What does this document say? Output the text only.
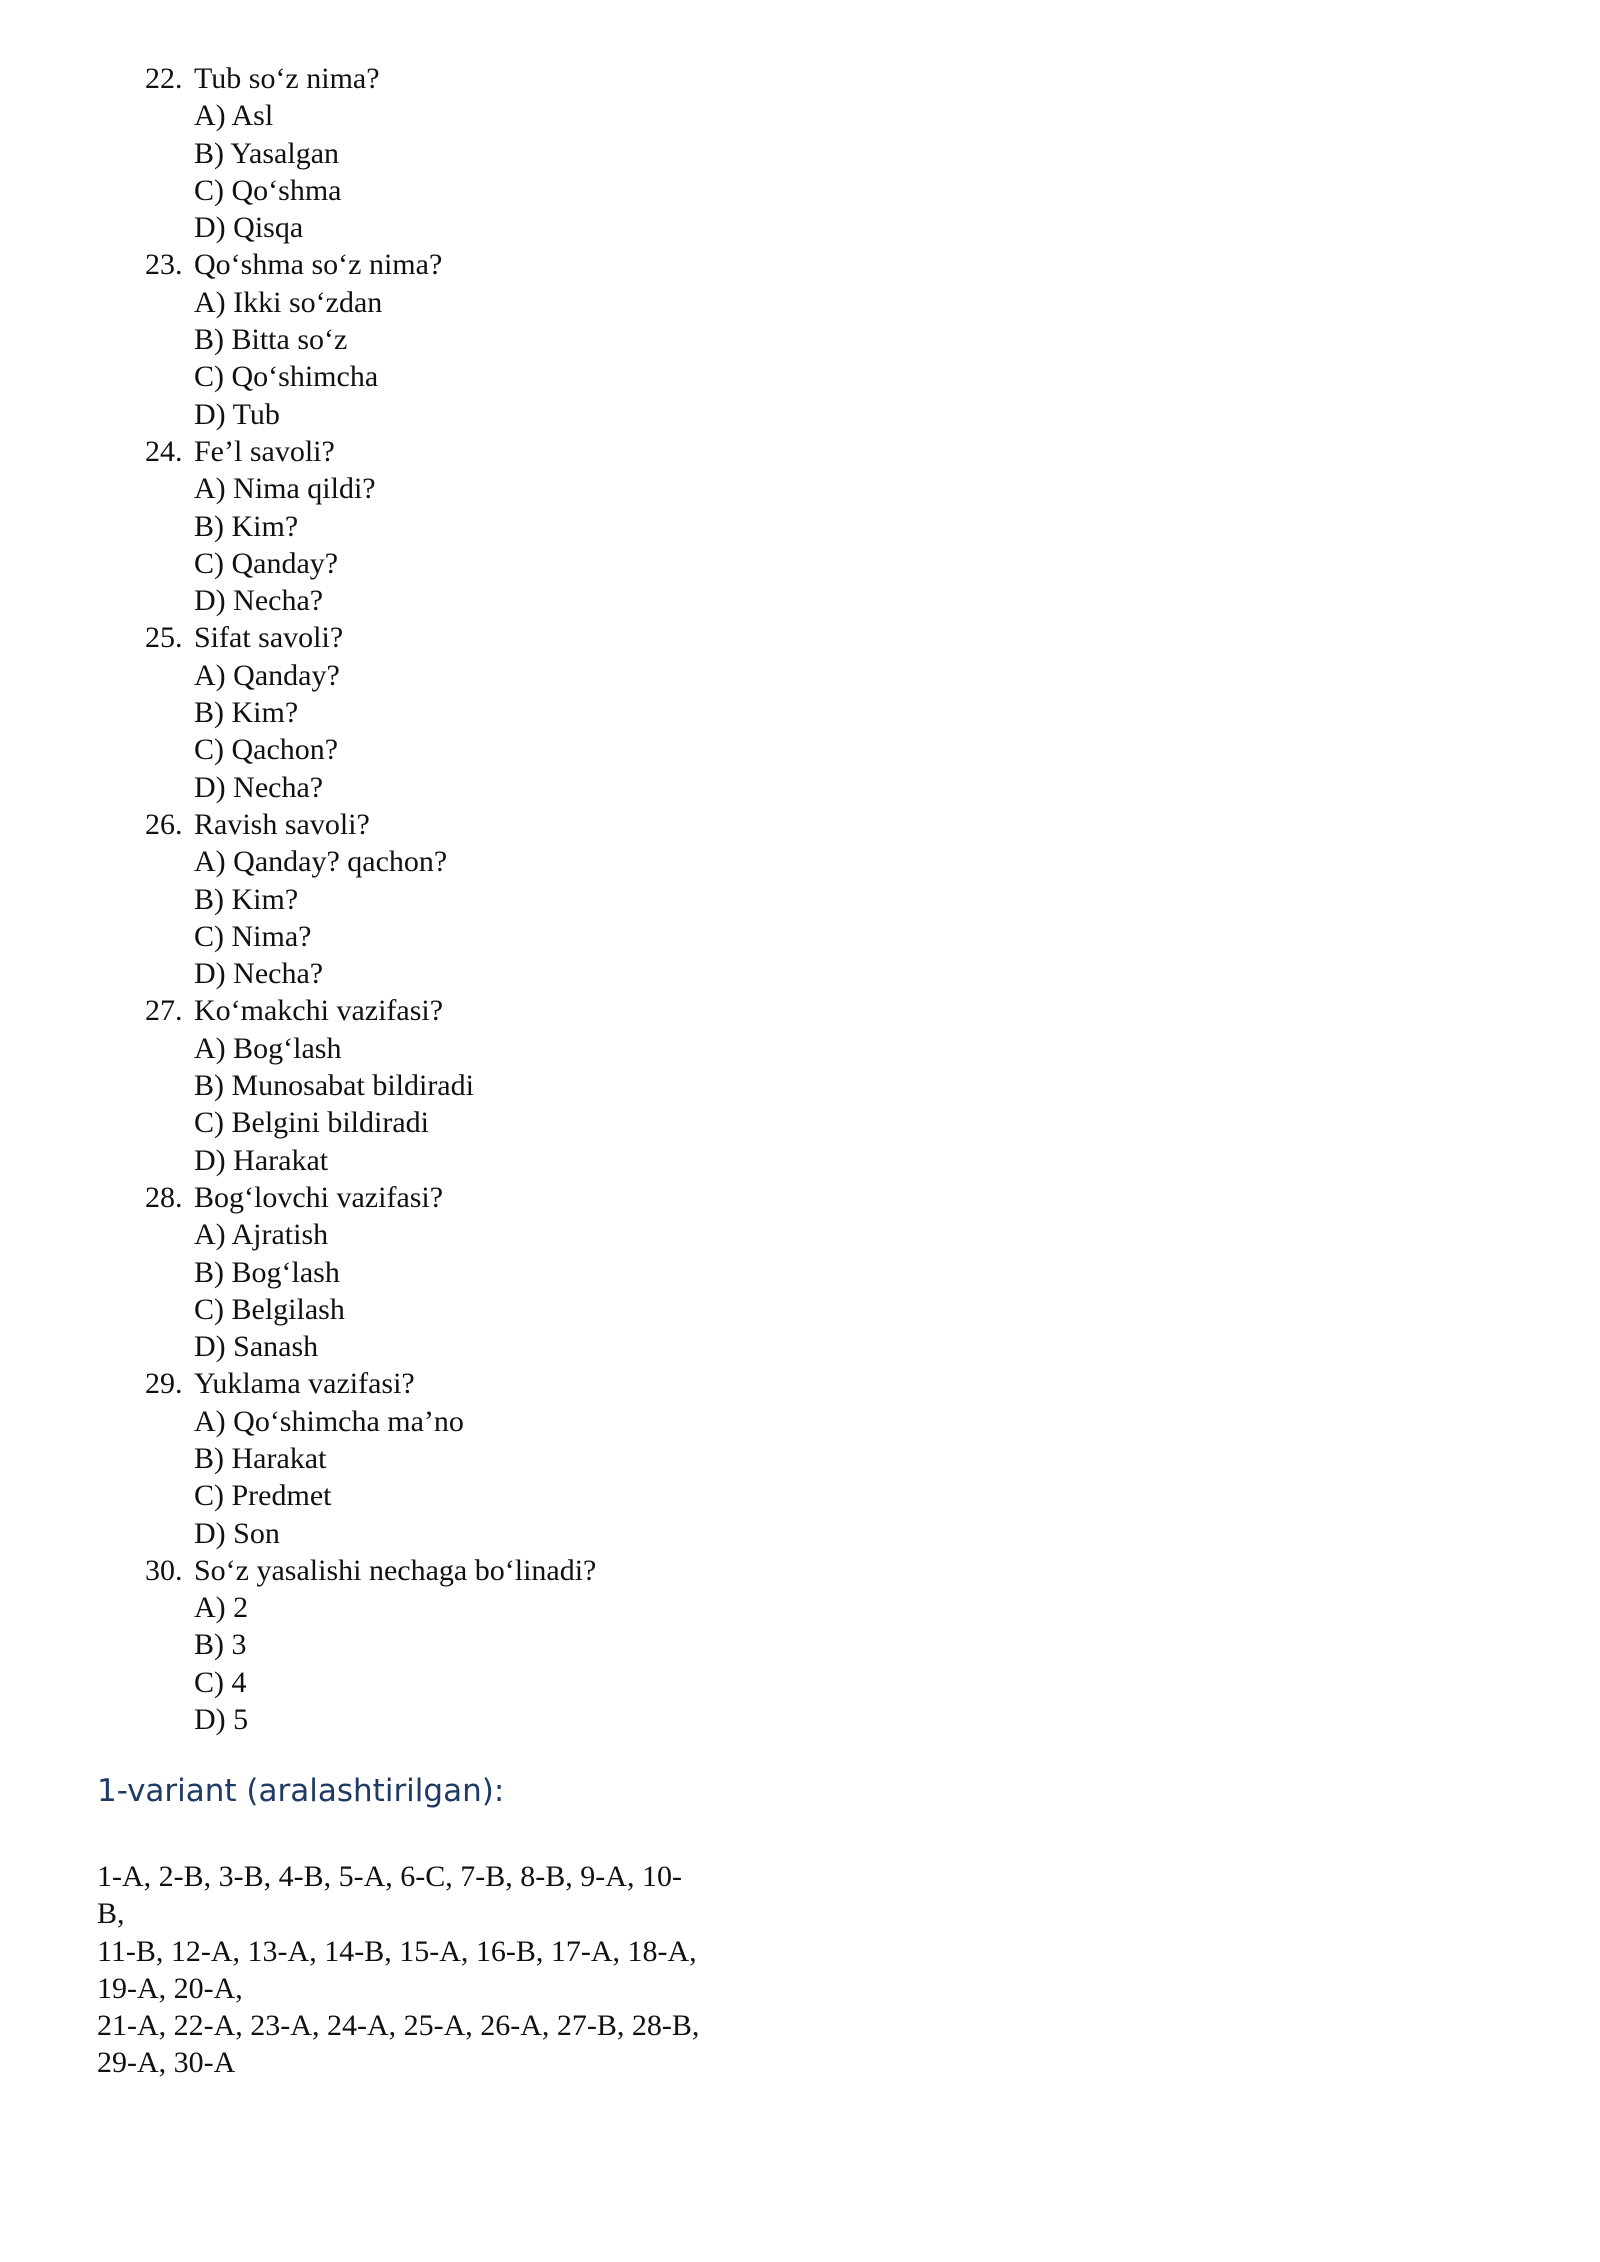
22. Tub so‘z nima?
A) Asl
B) Yasalgan
C) Qo‘shma
D) Qisqa
23. Qo‘shma so‘z nima?
A) Ikki so‘zdan
B) Bitta so‘z
C) Qo‘shimcha
D) Tub
24. Fe’l savoli?
A) Nima qildi?
B) Kim?
C) Qanday?
D) Necha?
25. Sifat savoli?
A) Qanday?
B) Kim?
C) Qachon?
D) Necha?
26. Ravish savoli?
A) Qanday? qachon?
B) Kim?
C) Nima?
D) Necha?
27. Ko‘makchi vazifasi?
A) Bog‘lash
B) Munosabat bildiradi
C) Belgini bildiradi
D) Harakat
28. Bog‘lovchi vazifasi?
A) Ajratish
B) Bog‘lash
C) Belgilash
D) Sanash
29. Yuklama vazifasi?
A) Qo‘shimcha ma’no
B) Harakat
C) Predmet
D) Son
30. So‘z yasalishi nechaga bo‘linadi?
A) 2
B) 3
C) 4
D) 5
1-variant (aralashtirilgan):

1-A, 2-B, 3-B, 4-B, 5-A, 6-C, 7-B, 8-B, 9-A, 10-

B,

11-B, 12-A, 13-A, 14-B, 15-A, 16-B, 17-A, 18-A,

19-A, 20-A,

21-A, 22-A, 23-A, 24-A, 25-A, 26-A, 27-B, 28-B,

29-A, 30-A
